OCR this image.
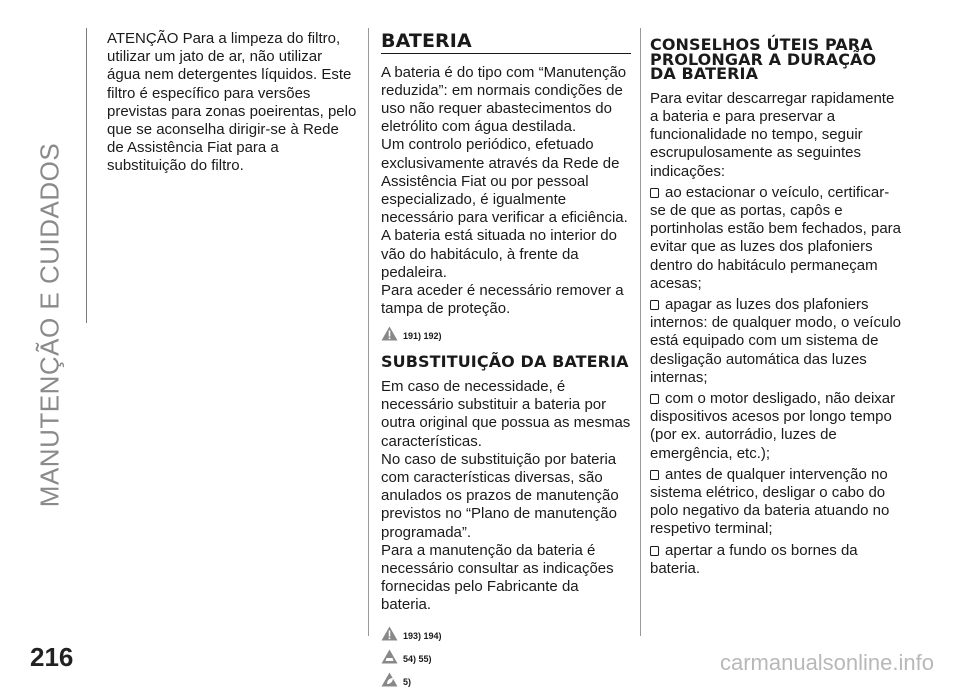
MANUTENÇÃO E CUIDADOS
216

ATENÇÃO Para a limpeza do filtro, utilizar um jato de ar, não utilizar água nem detergentes líquidos. Este filtro é específico para versões previstas para zonas poeirentas, pelo que se aconselha dirigir-se à Rede de Assistência Fiat para a substituição do filtro.

BATERIA

A bateria é do tipo com “Manutenção reduzida”: em normais condições de uso não requer abastecimentos do eletrólito com água destilada.

Um controlo periódico, efetuado exclusivamente através da Rede de Assistência Fiat ou por pessoal especializado, é igualmente necessário para verificar a eficiência.

A bateria está situada no interior do vão do habitáculo, à frente da pedaleira.

Para aceder é necessário remover a tampa de proteção.

191) 192)
SUBSTITUIÇÃO DA BATERIA

Em caso de necessidade, é necessário substituir a bateria por outra original que possua as mesmas características.

No caso de substituição por bateria com características diversas, são anulados os prazos de manutenção previstos no “Plano de manutenção programada”.

Para a manutenção da bateria é necessário consultar as indicações fornecidas pelo Fabricante da bateria.

193) 194)
54) 55)
5)
CONSELHOS ÚTEIS PARA PROLONGAR A DURAÇÃO DA BATERIA

Para evitar descarregar rapidamente a bateria e para preservar a funcionalidade no tempo, seguir escrupulosamente as seguintes indicações:

ao estacionar o veículo, certificar-se de que as portas, capôs e portinholas estão bem fechados, para evitar que as luzes dos plafoniers dentro do habitáculo permaneçam acesas;

apagar as luzes dos plafoniers internos: de qualquer modo, o veículo está equipado com um sistema de desligação automática das luzes internas;

com o motor desligado, não deixar dispositivos acesos por longo tempo (por ex. autorrádio, luzes de emergência, etc.);

antes de qualquer intervenção no sistema elétrico, desligar o cabo do polo negativo da bateria atuando no respetivo terminal;

apertar a fundo os bornes da bateria.

carmanualsonline.info
